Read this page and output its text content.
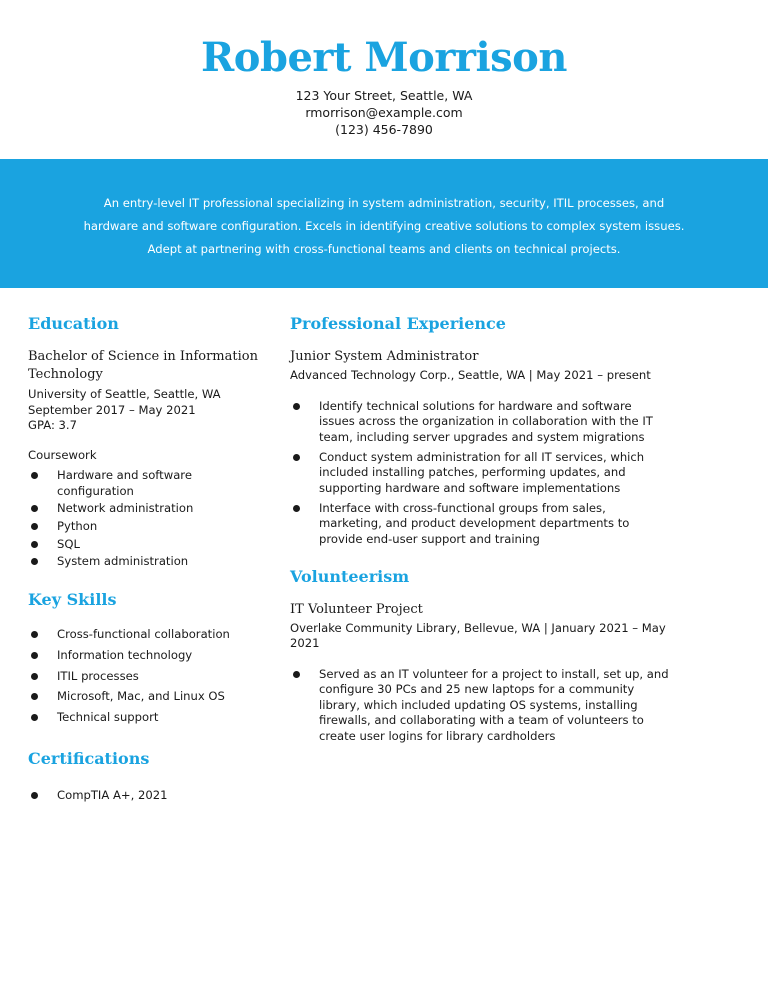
Robert Morrison
123 Your Street, Seattle, WA
rmorrison@example.com
(123) 456-7890

An entry-level IT professional specializing in system administration, security, ITIL processes, and hardware and software configuration. Excels in identifying creative solutions to complex system issues. Adept at partnering with cross-functional teams and clients on technical projects.

Education

Bachelor of Science in Information Technology

University of Seattle, Seattle, WA
September 2017 – May 2021
GPA: 3.7
Coursework
Hardware and software configuration
Network administration
Python
SQL
System administration
Key Skills
Cross-functional collaboration
Information technology
ITIL processes
Microsoft, Mac, and Linux OS
Technical support
Certifications
CompTIA A+, 2021
Professional Experience

Junior System Administrator

Advanced Technology Corp., Seattle, WA | May 2021 – present
Identify technical solutions for hardware and software issues across the organization in collaboration with the IT team, including server upgrades and system migrations
Conduct system administration for all IT services, which included installing patches, performing updates, and supporting hardware and software implementations
Interface with cross-functional groups from sales, marketing, and product development departments to provide end-user support and training
Volunteerism

IT Volunteer Project

Overlake Community Library, Bellevue, WA | January 2021 – May 2021
Served as an IT volunteer for a project to install, set up, and configure 30 PCs and 25 new laptops for a community library, which included updating OS systems, installing firewalls, and collaborating with a team of volunteers to create user logins for library cardholders
